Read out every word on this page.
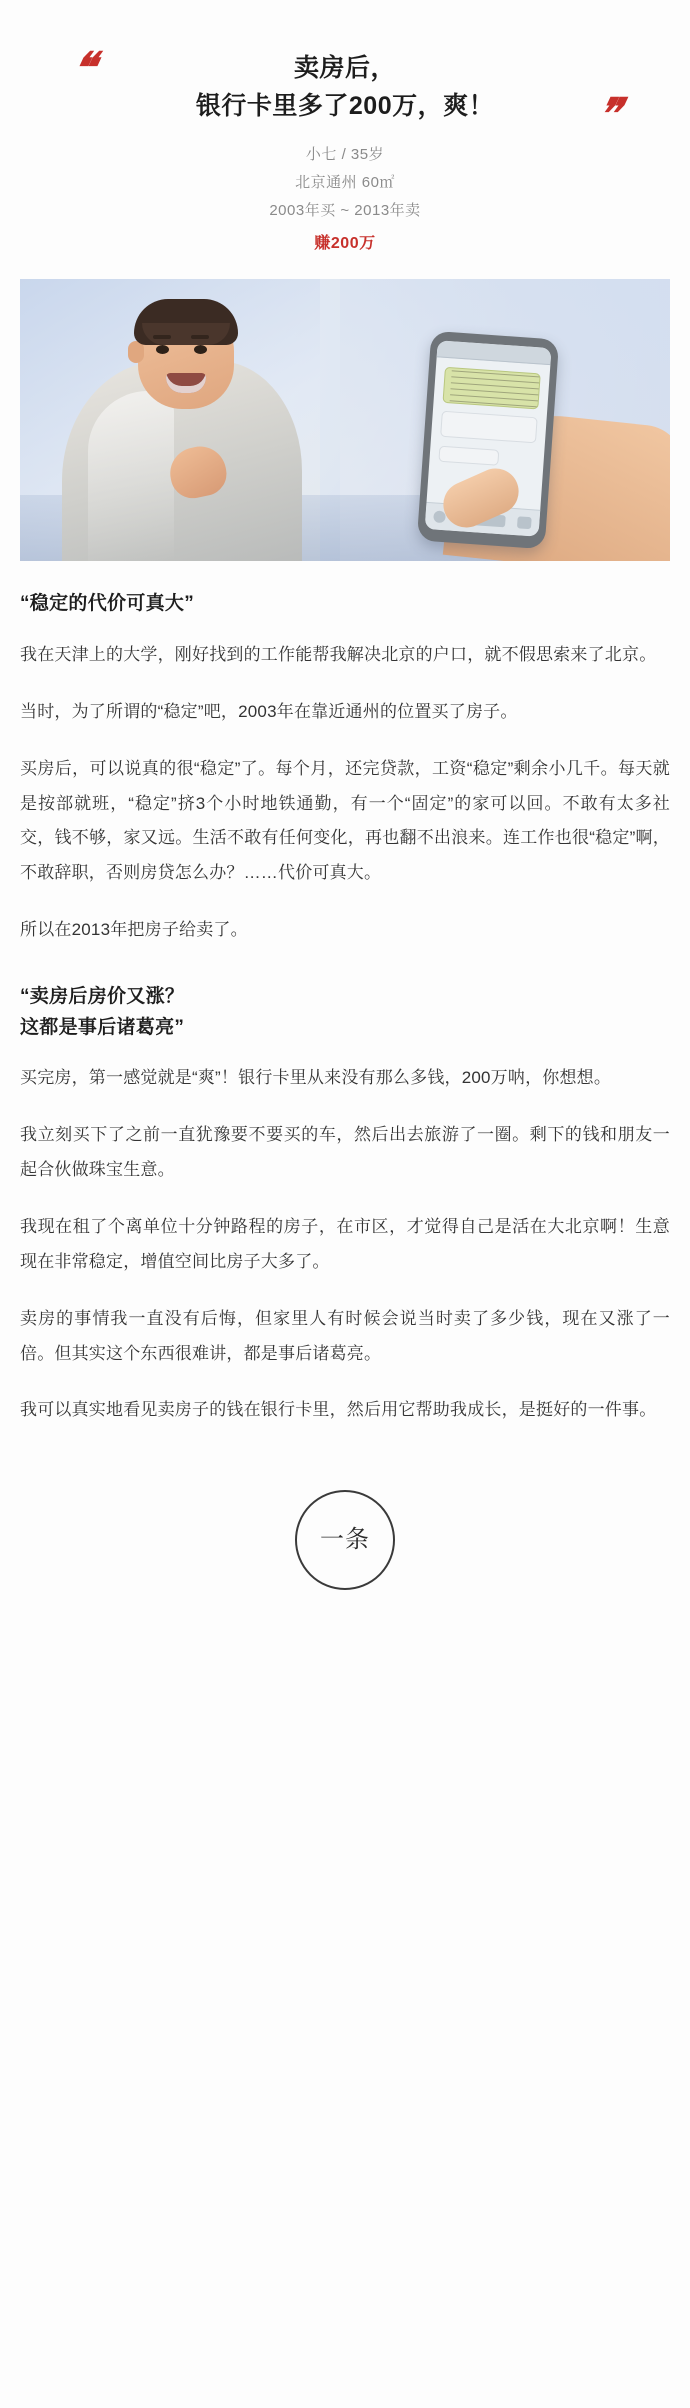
❝
❞
卖房后，
银行卡里多了200万，爽！
小七 / 35岁
北京通州 60㎡
2003年买 ~ 2013年卖
赚200万
“稳定的代价可真大”

我在天津上的大学，刚好找到的工作能帮我解决北京的户口，就不假思索来了北京。

当时，为了所谓的“稳定”吧，2003年在靠近通州的位置买了房子。

买房后，可以说真的很“稳定”了。每个月，还完贷款，工资“稳定”剩余小几千。每天就是按部就班，“稳定”挤3个小时地铁通勤，有一个“固定”的家可以回。不敢有太多社交，钱不够，家又远。生活不敢有任何变化，再也翻不出浪来。连工作也很“稳定”啊，不敢辞职，否则房贷怎么办？……代价可真大。

所以在2013年把房子给卖了。

“卖房后房价又涨？
这都是事后诸葛亮”

买完房，第一感觉就是“爽”！银行卡里从来没有那么多钱，200万呐，你想想。

我立刻买下了之前一直犹豫要不要买的车，然后出去旅游了一圈。剩下的钱和朋友一起合伙做珠宝生意。

我现在租了个离单位十分钟路程的房子，在市区，才觉得自己是活在大北京啊！生意现在非常稳定，增值空间比房子大多了。

卖房的事情我一直没有后悔，但家里人有时候会说当时卖了多少钱，现在又涨了一倍。但其实这个东西很难讲，都是事后诸葛亮。

我可以真实地看见卖房子的钱在银行卡里，然后用它帮助我成长，是挺好的一件事。

一条
